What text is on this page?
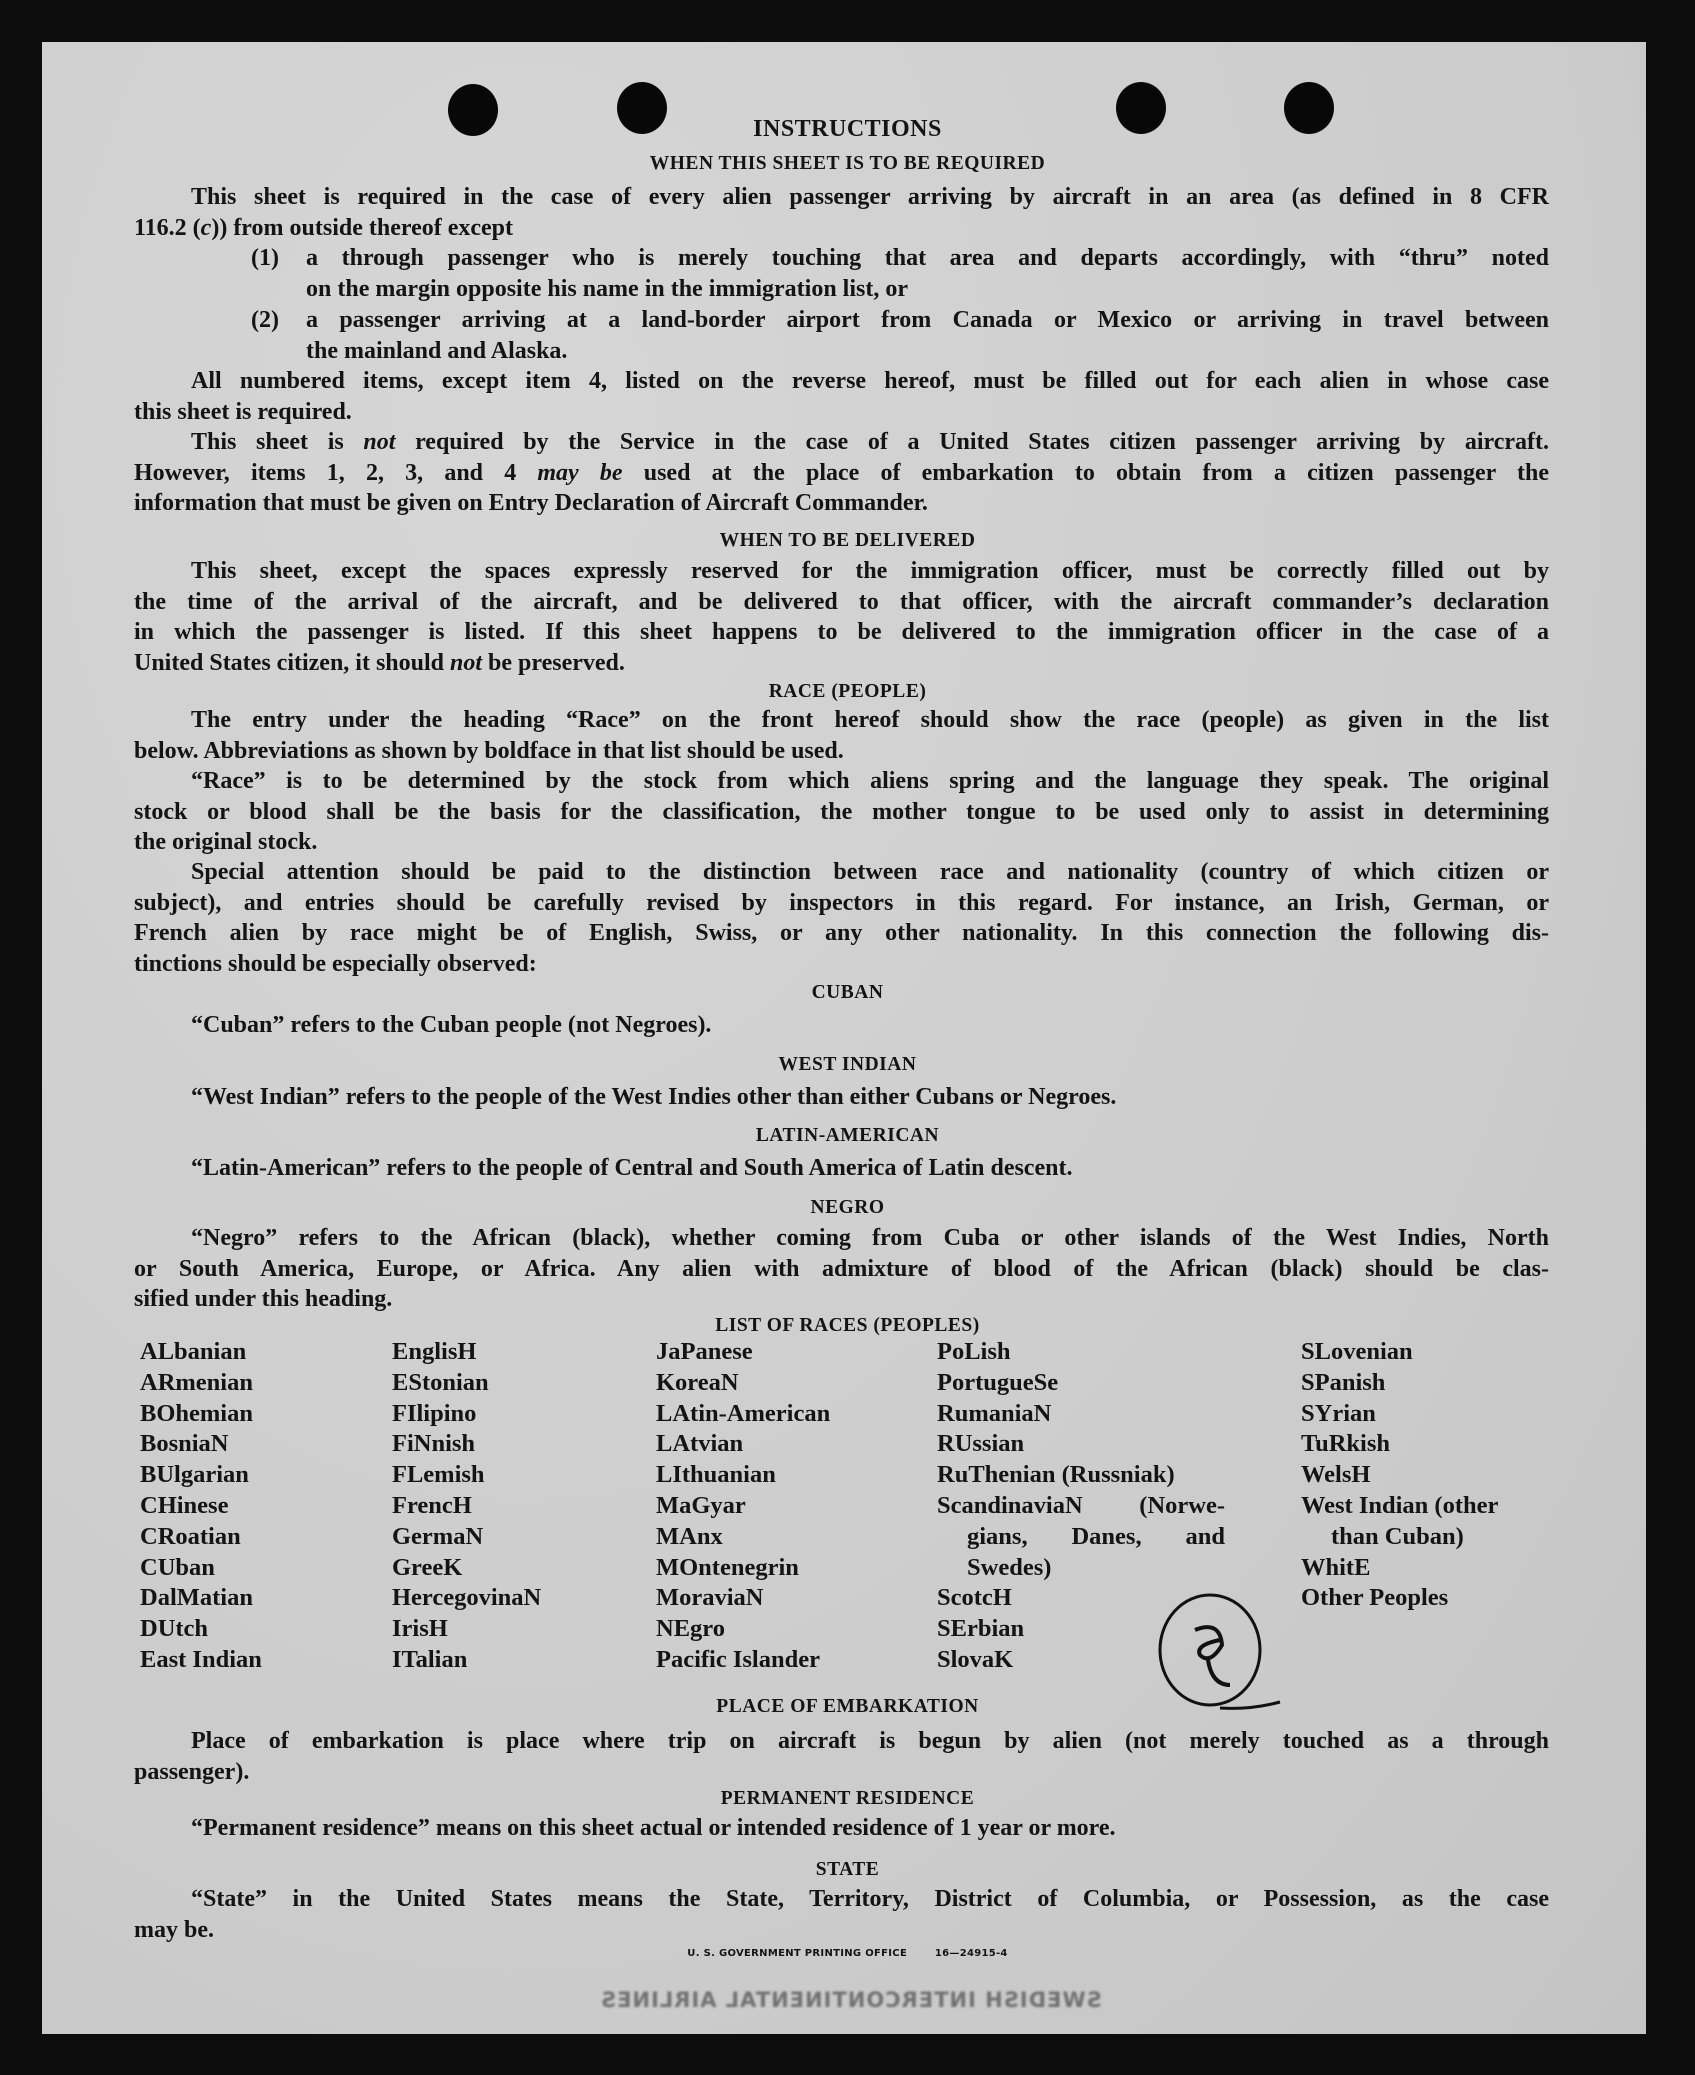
INSTRUCTIONS
WHEN THIS SHEET IS TO BE REQUIRED
This sheet is required in the case of every alien passenger arriving by aircraft in an area (as defined in 8 CFR
116.2 (c)) from outside thereof except
(1) a through passenger who is merely touching that area and departs accordingly, with “thru” noted
on the margin opposite his name in the immigration list, or
(2) a passenger arriving at a land-border airport from Canada or Mexico or arriving in travel between
the mainland and Alaska.
All numbered items, except item 4, listed on the reverse hereof, must be filled out for each alien in whose case
this sheet is required.
This sheet is not required by the Service in the case of a United States citizen passenger arriving by aircraft.
However, items 1, 2, 3, and 4 may be used at the place of embarkation to obtain from a citizen passenger the
information that must be given on Entry Declaration of Aircraft Commander.
WHEN TO BE DELIVERED
This sheet, except the spaces expressly reserved for the immigration officer, must be correctly filled out by
the time of the arrival of the aircraft, and be delivered to that officer, with the aircraft commander’s declaration
in which the passenger is listed. If this sheet happens to be delivered to the immigration officer in the case of a
United States citizen, it should not be preserved.
RACE (PEOPLE)
The entry under the heading “Race” on the front hereof should show the race (people) as given in the list
below. Abbreviations as shown by boldface in that list should be used.
“Race” is to be determined by the stock from which aliens spring and the language they speak. The original
stock or blood shall be the basis for the classification, the mother tongue to be used only to assist in determining
the original stock.
Special attention should be paid to the distinction between race and nationality (country of which citizen or
subject), and entries should be carefully revised by inspectors in this regard. For instance, an Irish, German, or
French alien by race might be of English, Swiss, or any other nationality. In this connection the following dis-
tinctions should be especially observed:
CUBAN
“Cuban” refers to the Cuban people (not Negroes).
WEST INDIAN
“West Indian” refers to the people of the West Indies other than either Cubans or Negroes.
LATIN-AMERICAN
“Latin-American” refers to the people of Central and South America of Latin descent.
NEGRO
“Negro” refers to the African (black), whether coming from Cuba or other islands of the West Indies, North
or South America, Europe, or Africa. Any alien with admixture of blood of the African (black) should be clas-
sified under this heading.
LIST OF RACES (PEOPLES)
ALbanian
ARmenian
BOhemian
BosniaN
BUlgarian
CHinese
CRoatian
CUban
DalMatian
DUtch
East Indian
EnglisH
EStonian
FIlipino
FiNnish
FLemish
FrencH
GermaN
GreeK
HercegovinaN
IrisH
ITalian
JaPanese
KoreaN
LAtin-American
LAtvian
LIthuanian
MaGyar
MAnx
MOntenegrin
MoraviaN
NEgro
Pacific Islander
PoLish
PortugueSe
RumaniaN
RUssian
RuThenian (Russniak)
ScandinaviaN (Norwe-
gians, Danes, and
Swedes)
ScotcH
SErbian
SlovaK
SLovenian
SPanish
SYrian
TuRkish
WelsH
West Indian (other
than Cuban)
WhitE
Other Peoples
PLACE OF EMBARKATION
Place of embarkation is place where trip on aircraft is begun by alien (not merely touched as a through
passenger).
PERMANENT RESIDENCE
“Permanent residence” means on this sheet actual or intended residence of 1 year or more.
STATE
“State” in the United States means the State, Territory, District of Columbia, or Possession, as the case
may be.
U. S. GOVERNMENT PRINTING OFFICE	16—24915-4
SWEDISH INTERCONTINENTAL AIRLINES
